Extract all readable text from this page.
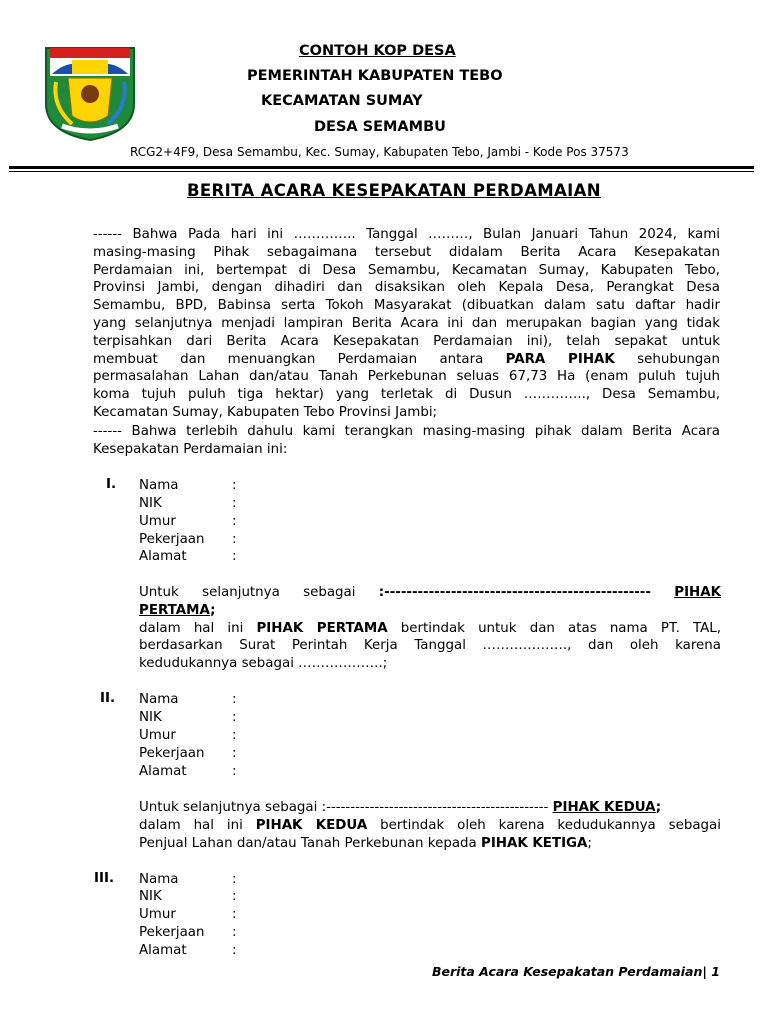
CONTOH KOP DESA
PEMERINTAH KABUPATEN TEBO
KECAMATAN SUMAY
DESA SEMAMBU
RCG2+4F9, Desa Semambu, Kec. Sumay, Kabupaten Tebo, Jambi - Kode Pos 37573
BERITA ACARA KESEPAKATAN PERDAMAIAN
------ Bahwa Pada hari ini ………….. Tanggal ………, Bulan Januari Tahun 2024, kami
masing-masing Pihak sebagaimana tersebut didalam Berita Acara Kesepakatan
Perdamaian ini, bertempat di Desa Semambu, Kecamatan Sumay, Kabupaten Tebo,
Provinsi Jambi, dengan dihadiri dan disaksikan oleh Kepala Desa, Perangkat Desa
Semambu, BPD, Babinsa serta Tokoh Masyarakat (dibuatkan dalam satu daftar hadir
yang selanjutnya menjadi lampiran Berita Acara ini dan merupakan bagian yang tidak
terpisahkan dari Berita Acara Kesepakatan Perdamaian ini), telah sepakat untuk
membuat dan menuangkan Perdamaian antara PARA PIHAK sehubungan
permasalahan Lahan dan/atau Tanah Perkebunan seluas 67,73 Ha (enam puluh tujuh
koma tujuh puluh tiga hektar) yang terletak di Dusun ………….., Desa Semambu,
Kecamatan Sumay, Kabupaten Tebo Provinsi Jambi;
------ Bahwa terlebih dahulu kami terangkan masing-masing pihak dalam Berita Acara
Kesepakatan Perdamaian ini:
I. Nama	:
NIK	:
Umur	:
Pekerjaan :
Alamat	:
Untuk selanjutnya sebagai :------------------------------------------------ PIHAK
PERTAMA;
dalam hal ini PIHAK PERTAMA bertindak untuk dan atas nama PT. TAL,
berdasarkan Surat Perintah Kerja Tanggal ………………., dan oleh karena
kedudukannya sebagai ……………….;
II. Nama	:
NIK	:
Umur	:
Pekerjaan :
Alamat	:
Untuk selanjutnya sebagai :---------------------------------------------- PIHAK KEDUA;
dalam hal ini PIHAK KEDUA bertindak oleh karena kedudukannya sebagai
Penjual Lahan dan/atau Tanah Perkebunan kepada PIHAK KETIGA;
III. Nama	:
NIK	:
Umur	:
Pekerjaan :
Alamat	:
Berita Acara Kesepakatan Perdamaian| 1
